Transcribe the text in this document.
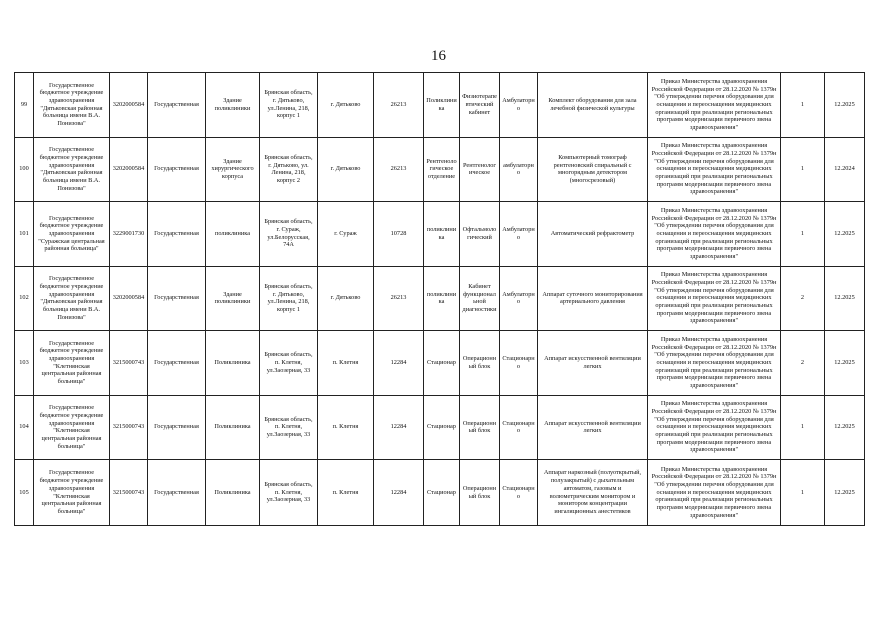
16
99	Государственное бюджетное учреждение здравоохранения "Дятьковская районная больница имени В.А. Понизова"	3202000584	Государственная	Здание поликлиники	Брянская область, г. Дятьково, ул.Ленина, 218, корпус 1	г. Дятьково	26213	Поликлиника	Физиотерапевтический кабинет	Амбулаторно	Комплект оборудования для зала лечебной физической культуры	Приказ Министерства здравоохранения Российской Федерации от 28.12.2020 № 1379н "Об утверждении перечня оборудования для оснащения и переоснащения медицинских организаций при реализации региональных программ модернизации первичного звена здравоохранения"	1	12.2025
100	Государственное бюджетное учреждение здравоохранения "Дятьковская районная больница имени В.А. Понизова"	3202000584	Государственная	Здание хирургического корпуса	Брянская область, г. Дятьково, ул. Ленина, 218, корпус 2	г. Дятьково	26213	Рентгенологическое отделение	Рентгенологическое	амбулаторно	Компьютерный томограф рентгеновский спиральный с многорядным детектором (многосрезовый)	Приказ Министерства здравоохранения Российской Федерации от 28.12.2020 № 1379н "Об утверждении перечня оборудования для оснащения и переоснащения медицинских организаций при реализации региональных программ модернизации первичного звена здравоохранения"	1	12.2024
101	Государственное бюджетное учреждение здравоохранения "Суражская центральная районная больница"	3229001730	Государственная	поликлиника	Брянская область, г. Сураж, ул.Белорусская, 74А	г. Сураж	10728	поликлиника	Офтальмологический	Амбулаторно	Автоматический рефрактометр	Приказ Министерства здравоохранения Российской Федерации от 28.12.2020 № 1379н "Об утверждении перечня оборудования для оснащения и переоснащения медицинских организаций при реализации региональных программ модернизации первичного звена здравоохранения"	1	12.2025
102	Государственное бюджетное учреждение здравоохранения "Дятьковская районная больница имени В.А. Понизова"	3202000584	Государственная	Здание поликлиники	Брянская область, г. Дятьково, ул.Ленина, 218, корпус 1	г. Дятьково	26213	поликлиника	Кабинет функциональной диагностики	Амбулаторно	Аппарат суточного мониторирования артериального давления	Приказ Министерства здравоохранения Российской Федерации от 28.12.2020 № 1379н "Об утверждении перечня оборудования для оснащения и переоснащения медицинских организаций при реализации региональных программ модернизации первичного звена здравоохранения"	2	12.2025
103	Государственное бюджетное учреждение здравоохранения "Клетнянская центральная районная больница"	3215000743	Государственная	Поликлиника	Брянская область, п. Клетня, ул.Заозерная, 33	п. Клетня	12284	Стационар	Операционный блок	Стационарно	Аппарат искусственной вентиляции легких	Приказ Министерства здравоохранения Российской Федерации от 28.12.2020 № 1379н "Об утверждении перечня оборудования для оснащения и переоснащения медицинских организаций при реализации региональных программ модернизации первичного звена здравоохранения"	2	12.2025
104	Государственное бюджетное учреждение здравоохранения "Клетнянская центральная районная больница"	3215000743	Государственная	Поликлиника	Брянская область, п. Клетня, ул.Заозерная, 33	п. Клетня	12284	Стационар	Операционный блок	Стационарно	Аппарат искусственной вентиляции легких	Приказ Министерства здравоохранения Российской Федерации от 28.12.2020 № 1379н "Об утверждении перечня оборудования для оснащения и переоснащения медицинских организаций при реализации региональных программ модернизации первичного звена здравоохранения"	1	12.2025
105	Государственное бюджетное учреждение здравоохранения "Клетнянская центральная районная больница"	3215000743	Государственная	Поликлиника	Брянская область, п. Клетня, ул.Заозерная, 33	п. Клетня	12284	Стационар	Операционный блок	Стационарно	Аппарат наркозный (полуоткрытый, полузакрытый) с дыхательным автоматом, газовым и волюметрическим монитором и монитором концентрации ингаляционных анестетиков	Приказ Министерства здравоохранения Российской Федерации от 28.12.2020 № 1379н "Об утверждении перечня оборудования для оснащения и переоснащения медицинских организаций при реализации региональных программ модернизации первичного звена здравоохранения"	1	12.2025
